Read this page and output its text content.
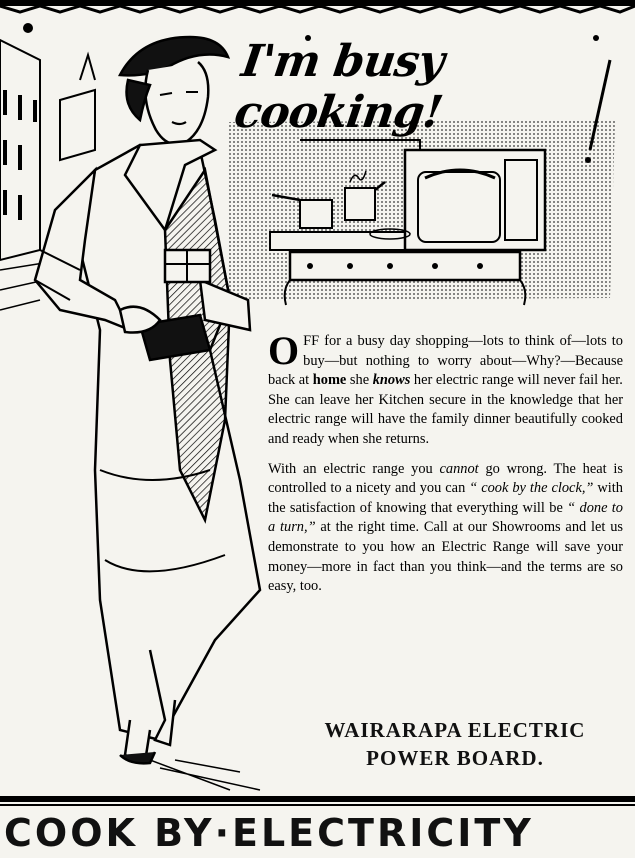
I'm busy cooking!

OFF for a busy day shopping—lots to think of—lots to buy—but nothing to worry about—Why?—Because back at home she knows her electric range will never fail her.

She can leave her Kitchen secure in the knowledge that her electric range will have the family dinner beautifully cooked and ready when she returns.

With an electric range you cannot go wrong. The heat is controlled to a nicety and you can “ cook by the clock,” with the satisfaction of knowing that everything will be “ done to a turn,” at the right time. Call at our Showrooms and let us demonstrate to you how an Electric Range will save your money—more in fact than you think—and the terms are so easy, too.

WAIRARAPA ELECTRIC
POWER BOARD.
COOK BY·ELECTRICITY
